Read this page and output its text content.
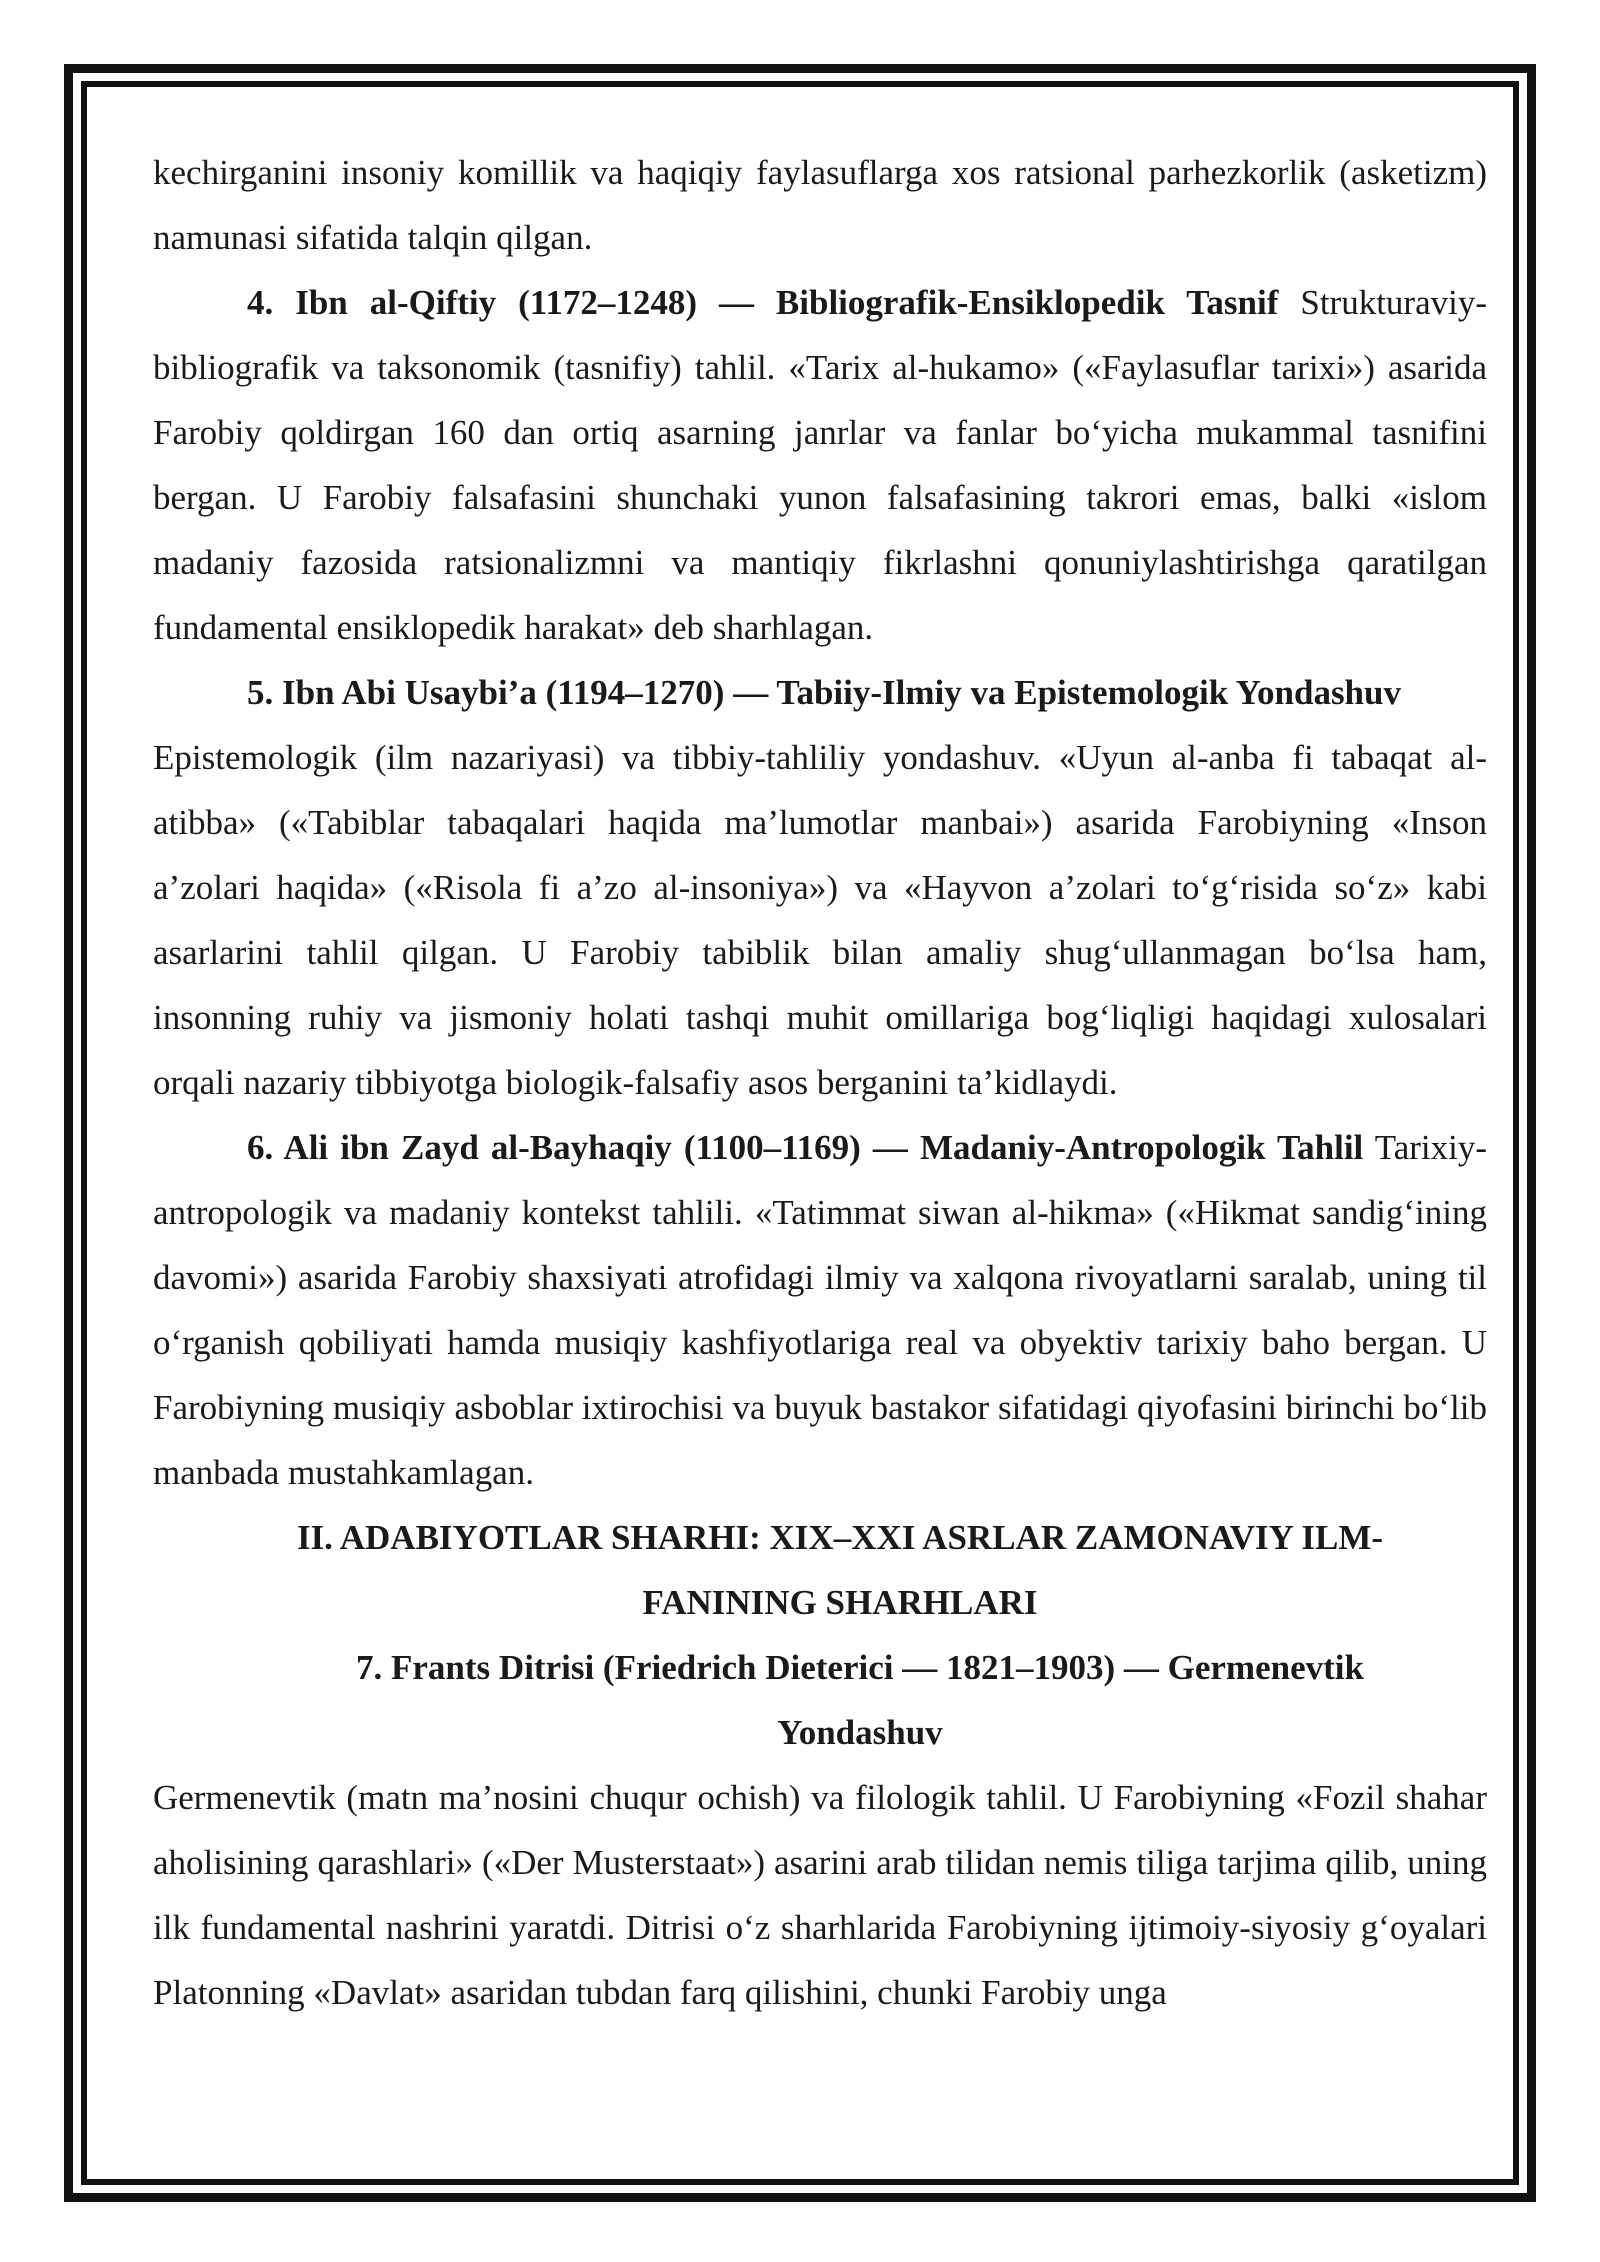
kechirganini insoniy komillik va haqiqiy faylasuflarga xos ratsional parhezkorlik (asketizm) namunasi sifatida talqin qilgan.

4. Ibn al-Qiftiy (1172–1248) — Bibliografik-Ensiklopedik Tasnif Strukturaviy-bibliografik va taksonomik (tasnifiy) tahlil. «Tarix al-hukamo» («Faylasuflar tarixi») asarida Farobiy qoldirgan 160 dan ortiq asarning janrlar va fanlar bo‘yicha mukammal tasnifini bergan. U Farobiy falsafasini shunchaki yunon falsafasining takrori emas, balki «islom madaniy fazosida ratsionalizmni va mantiqiy fikrlashni qonuniylashtirishga qaratilgan fundamental ensiklopedik harakat» deb sharhlagan.

5. Ibn Abi Usaybi’a (1194–1270) — Tabiiy-Ilmiy va Epistemologik Yondashuv

Epistemologik (ilm nazariyasi) va tibbiy-tahliliy yondashuv. «Uyun al-anba fi tabaqat al-atibba» («Tabiblar tabaqalari haqida ma’lumotlar manbai») asarida Farobiyning «Inson a’zolari haqida» («Risola fi a’zo al-insoniya») va «Hayvon a’zolari to‘g‘risida so‘z» kabi asarlarini tahlil qilgan. U Farobiy tabiblik bilan amaliy shug‘ullanmagan bo‘lsa ham, insonning ruhiy va jismoniy holati tashqi muhit omillariga bog‘liqligi haqidagi xulosalari orqali nazariy tibbiyotga biologik-falsafiy asos berganini ta’kidlaydi.

6. Ali ibn Zayd al-Bayhaqiy (1100–1169) — Madaniy-Antropologik Tahlil Tarixiy-antropologik va madaniy kontekst tahlili. «Tatimmat siwan al-hikma» («Hikmat sandig‘ining davomi») asarida Farobiy shaxsiyati atrofidagi ilmiy va xalqona rivoyatlarni saralab, uning til o‘rganish qobiliyati hamda musiqiy kashfiyotlariga real va obyektiv tarixiy baho bergan. U Farobiyning musiqiy asboblar ixtirochisi va buyuk bastakor sifatidagi qiyofasini birinchi bo‘lib manbada mustahkamlagan.

II. ADABIYOTLAR SHARHI: XIX–XXI ASRLAR ZAMONAVIY ILM-

FANINING SHARHLARI

7. Frants Ditrisi (Friedrich Dieterici — 1821–1903) — Germenevtik

Yondashuv

Germenevtik (matn ma’nosini chuqur ochish) va filologik tahlil. U Farobiyning «Fozil shahar aholisining qarashlari» («Der Musterstaat») asarini arab tilidan nemis tiliga tarjima qilib, uning ilk fundamental nashrini yaratdi. Ditrisi o‘z sharhlarida Farobiyning ijtimoiy-siyosiy g‘oyalari Platonning «Davlat» asaridan tubdan farq qilishini, chunki Farobiy unga
